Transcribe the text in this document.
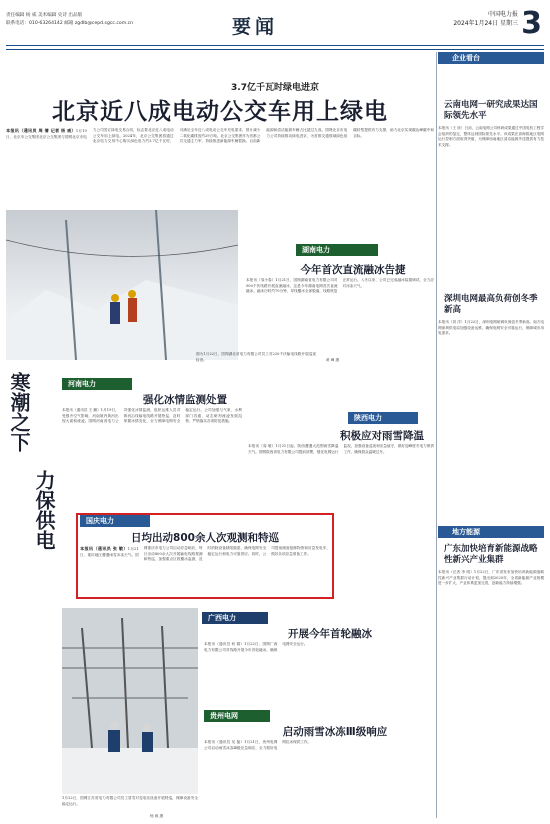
责任编辑 杨 威 美术编辑 史诗 出品版
联系电话：010-63264142 邮箱 zgdlb@cepd.sgcc.com.cn	要闻
中国电力报
2024年1月24日 星期三 3
3.7亿千瓦时绿电进京
北京近八成电动公交车用上绿电
本报讯（通讯员 周 倩 记者 杨 威）1月19日，北京市公交集团北京公交集团与国网北京市电力公司签订绿电交易合同，标志着北京近八成电动公交车用上绿电。2024年，北京公交集团将通过北京电力交易中心购买绿色电力约3.7亿千瓦时，可满足全年近八成电动公交车充电需求，预计减少二氧化碳排放约29万吨。北京公交集团作为首都公共交通主力军，持续推进新能源车辆替换，目前新能源和清洁能源车辆占比超过九成。国网北京市电力公司持续推动绿电进京，为首都交通领域绿色低碳转型提供有力支撑，助力北京实现碳达峰碳中和目标。
湖南电力
今年首次直流融冰告捷
本报讯（邹小春）1月21日，国网湖南省电力有限公司对500千伏线路开展直流融冰，这是今年湖南电网首次直流融冰。融冰历时约70分钟，导线覆冰全部脱落，线路恢复正常运行。入冬以来，公司已完成融冰装置调试，全力应对冰冻天气。
图为1月22日，国网湖北省电力有限公司员工对220千伏输电线路开展巡视检查。	黄 峰 摄
寒潮之下
力保供电
河南电力
强化冰情监测处置
本报讯（通讯员 王 鹏）1月19日，受强冷空气影响，河南境内黄河出现大面积流凌。国网河南省电力公司强化冰情监测，组织运维人员对黄河沿线输电线路开展特巡，及时掌握冰情变化，全力保障电网安全稳定运行。公司加强与气象、水利部门沟通，动态研判流凌发展趋势，严格落实各项防范措施。	陕西电力
积极应对雨雪降温
本报讯（周 敏）1月21日起，陕西遭遇大范围雨雪降温天气。国网陕西省电力有限公司提前部署，强化电网运行监视，加强设备巡视和应急值守，做好迎峰度冬电力保供工作，确保群众温暖过冬。
国庆电力
日均出动800余人次观测和特巡
本报讯（通讯员 张 敏）1月21日，重庆地区遭遇雨雪冰冻天气。国网重庆市电力公司启动应急响应，每日出动800余人次开展输电线路观测和特巡，加强重点区段覆冰监测，及时消除设备缺陷隐患，确保电网安全稳定运行和电力可靠供应。同时，公司提前储备抢修物资和应急发电车，做好各项应急准备工作。
1月22日，国网江苏省电力有限公司员工冒雪对变电站设备开展特巡，保障设备安全稳定运行。
杨 威 摄
广西电力
开展今年首轮融冰
本报讯（通讯员 何 娟）1月22日，国网广西电力有限公司对线路开展今年首轮融冰，确保电网安全运行。
贵州电网
启动雨雪冰冻Ⅲ级响应
本报讯（通讯员 吴 磊）1月21日，贵州电网公司启动雨雪冰冻Ⅲ级应急响应，全力做好电网抗冰保供工作。
企业看台
云南电网一研究成果达国际领先水平
本报讯（王 欣）日前，云南电网公司科研成果通过中国电机工程学会组织的鉴定，整体达到国际领先水平。该成果在高海拔地区电网运行控制方面取得突破，为保障西南地区清洁能源外送提供有力技术支撑。
深圳电网最高负荷创冬季新高
本报讯（刘 洋）1月22日，深圳电网统调负荷创冬季新高。南方电网深圳供电局加强设备运维，确保电网安全可靠运行，保障城市用电需求。
地方能源
广东加快培育新能源战略性新兴产业集群
本报讯（记者 李 明）1月22日，广东省发布加快培育新能源战略性新兴产业集群行动计划，提出到2025年，全省新能源产业规模进一步扩大，产业体系更加完善，创新能力持续增强。
